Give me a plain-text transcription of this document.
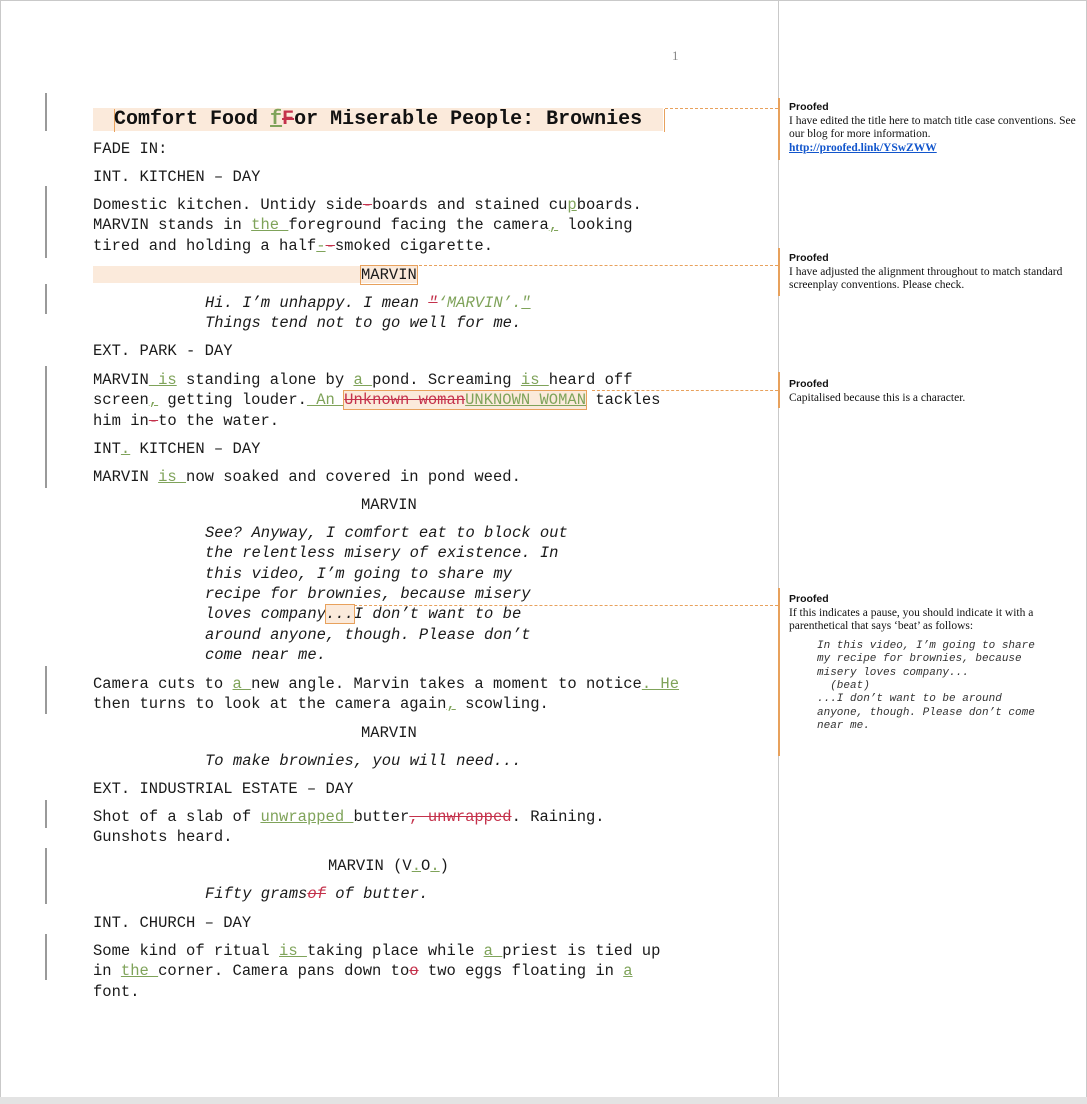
1
Comfort Food fFor Miserable People: Brownies
FADE IN:
INT. KITCHEN – DAY
Domestic kitchen. Untidy side-boards and stained cupboards.
MARVIN stands in the foreground facing the camera, looking
tired and holding a half--smoked cigarette.
MARVIN
Hi. I’m unhappy. I mean "‘MARVIN’.″
Things tend not to go well for me.
EXT. PARK - DAY
MARVIN is standing alone by a pond. Screaming is heard off
screen, getting louder. An Unknown womanUNKNOWN WOMAN tackles
him in-to the water.
INT. KITCHEN – DAY
MARVIN is now soaked and covered in pond weed.
MARVIN
See? Anyway, I comfort eat to block out
the relentless misery of existence. In
this video, I’m going to share my
recipe for brownies, because misery
loves company...I don’t want to be
around anyone, though. Please don’t
come near me.
Camera cuts to a new angle. Marvin takes a moment to notice. He
then turns to look at the camera again, scowling.
MARVIN
To make brownies, you will need...
EXT. INDUSTRIAL ESTATE – DAY
Shot of a slab of unwrapped butter, unwrapped. Raining.
Gunshots heard.
MARVIN (V.O.)
Fifty gramsof of butter.
INT. CHURCH – DAY
Some kind of ritual is taking place while a priest is tied up
in the corner. Camera pans down too two eggs floating in a
font.
Proofed
I have edited the title here to match title case conventions. See our blog for more information.
http://proofed.link/YSwZWW
Proofed
I have adjusted the alignment throughout to match standard screenplay conventions. Please check.
Proofed
Capitalised because this is a character.
Proofed
If this indicates a pause, you should indicate it with a parenthetical that says ‘beat’ as follows:
In this video, I’m going to share
my recipe for brownies, because
misery loves company...
(beat)
...I don’t want to be around
anyone, though. Please don’t come
near me.
